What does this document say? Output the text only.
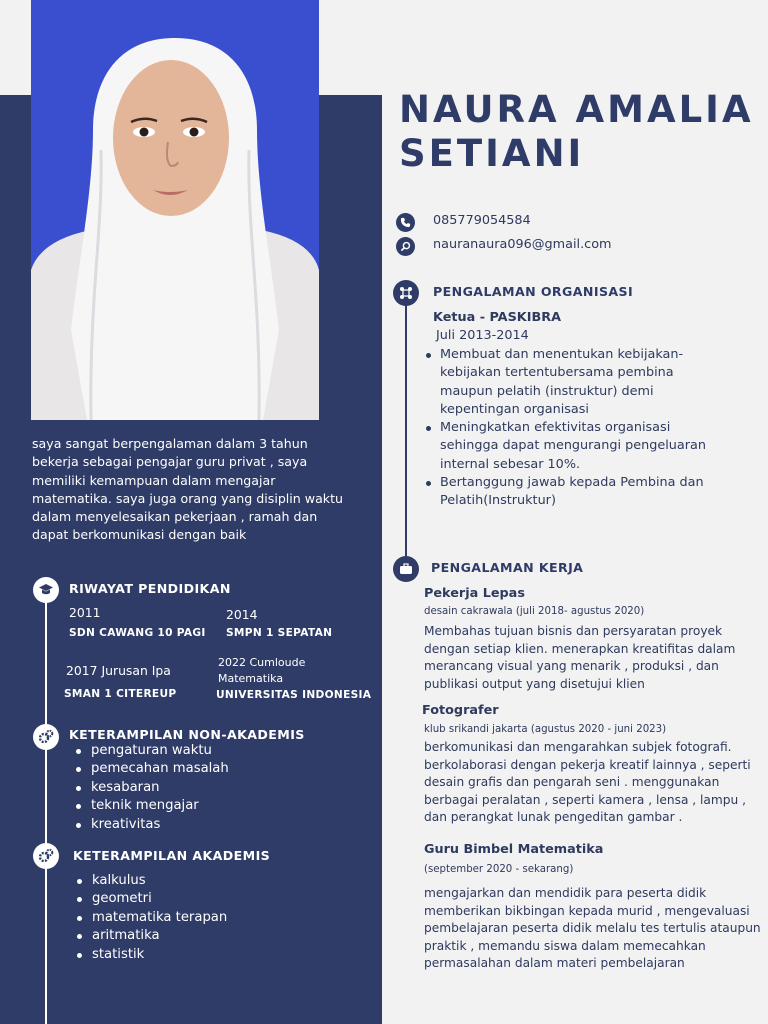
saya sangat berpengalaman dalam 3 tahun bekerja sebagai pengajar guru privat , saya memiliki kemampuan dalam mengajar matematika. saya juga orang yang disiplin waktu dalam menyelesaikan pekerjaan , ramah dan dapat berkomunikasi dengan baik

RIWAYAT PENDIDIKAN
2011
SDN CAWANG 10 PAGI
2014
SMPN 1 SEPATAN
2017 Jurusan Ipa
SMAN 1 CITEREUP
2022 Cumloude
Matematika
UNIVERSITAS INDONESIA
KETERAMPILAN NON-AKADEMIS
pengaturan waktu
pemecahan masalah
kesabaran
teknik mengajar
kreativitas
KETERAMPILAN AKADEMIS
kalkulus
geometri
matematika terapan
aritmatika
statistik
NAURA AMALIA SETIANI
085779054584
nauranaura096@gmail.com
PENGALAMAN ORGANISASI
Ketua - PASKIBRA
Juli 2013-2014
Membuat dan menentukan kebijakan-kebijakan tertentubersama pembina maupun pelatih (instruktur) demi kepentingan organisasi
Meningkatkan efektivitas organisasi sehingga dapat mengurangi pengeluaran internal sebesar 10%.
Bertanggung jawab kepada Pembina dan Pelatih(Instruktur)
PENGALAMAN KERJA
Pekerja Lepas
desain cakrawala (juli 2018- agustus 2020)

Membahas tujuan bisnis dan persyaratan proyek dengan setiap klien. menerapkan kreatifitas dalam merancang visual yang menarik , produksi , dan publikasi output yang disetujui klien

Fotografer
klub srikandi jakarta (agustus 2020 - juni 2023)

berkomunikasi dan mengarahkan subjek fotografi. berkolaborasi dengan pekerja kreatif lainnya , seperti desain grafis dan pengarah seni . menggunakan berbagai peralatan , seperti kamera , lensa , lampu , dan perangkat lunak pengeditan gambar .

Guru Bimbel Matematika
(september 2020 - sekarang)

mengajarkan dan mendidik para peserta didik memberikan bikbingan kepada murid , mengevaluasi pembelajaran peserta didik melalu tes tertulis ataupun praktik , memandu siswa dalam memecahkan permasalahan dalam materi pembelajaran
